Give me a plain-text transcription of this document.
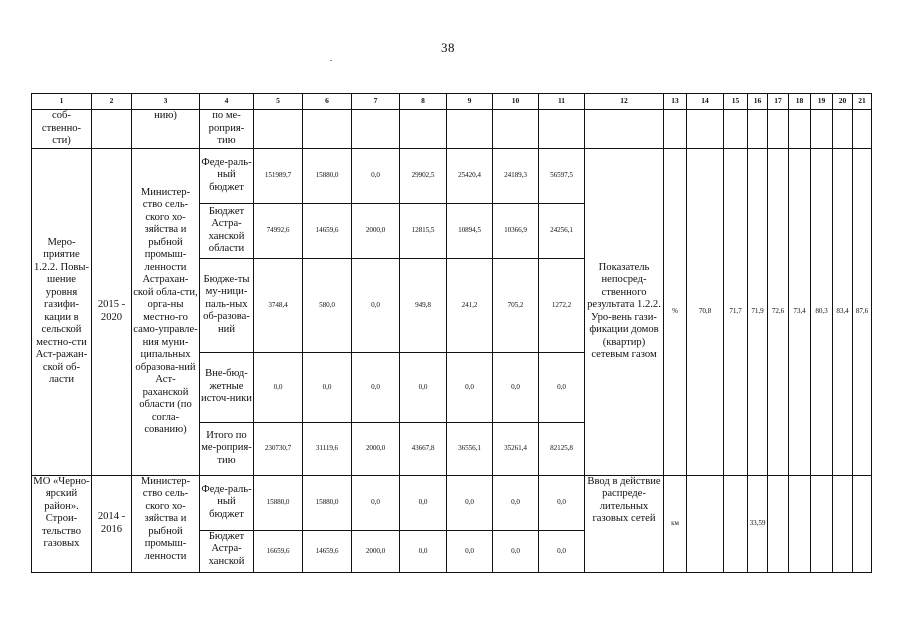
38
1	2	3	4	5	6	7	8	9	10	11	12	13	14	15	16	17	18	19	20	21
соб-ственно-сти)		нию)	по ме-роприя-тию																	
Меро-приятие 1.2.2. Повы-шение уровня газифи-кации в сельской местно-сти Аст-ражан-ской об-ласти	2015 - 2020	Министер-ство сель-ского хо-зяйства и рыбной промыш-ленности Астрахан-ской обла-сти, орга-ны местно-го само-управле-ния муни-ципальных образова-ний Аст-раханской области (по согла-сованию)	Феде-раль-ный бюджет	151989,7	15880,0	0,0	29902,5	25420,4	24189,3	56597,5	Показатель непосред-ственного результата 1.2.2. Уро-вень гази-фикации домов (квартир) сетевым газом	%	70,8	71,7	71,9	72,6	73,4	80,3	83,4	87,6
			Бюджет Астра-ханской области	74992,6	14659,6	2000,0	12815,5	10894,5	10366,9	24256,1										
			Бюдже-ты му-ници-паль-ных об-разова-ний	3748,4	580,0	0,0	949,8	241,2	705,2	1272,2										
			Вне-бюд-жетные источ-ники	0,0	0,0	0,0	0,0	0,0	0,0	0,0										
			Итого по ме-роприя-тию	230730,7	31119,6	2000,0	43667,8	36556,1	35261,4	82125,8										
МО «Черно-ярский район». Строи-тельство газовых	2014 - 2016	Министер-ство сель-ского хо-зяйства и рыбной промыш-ленности	Феде-раль-ный бюджет	15880,0	15880,0	0,0	0,0	0,0	0,0	0,0	Ввод в действие распреде-лительных газовых сетей	км			33,59					
			Бюджет Астра-ханской	16659,6	14659,6	2000,0	0,0	0,0	0,0	0,0										
